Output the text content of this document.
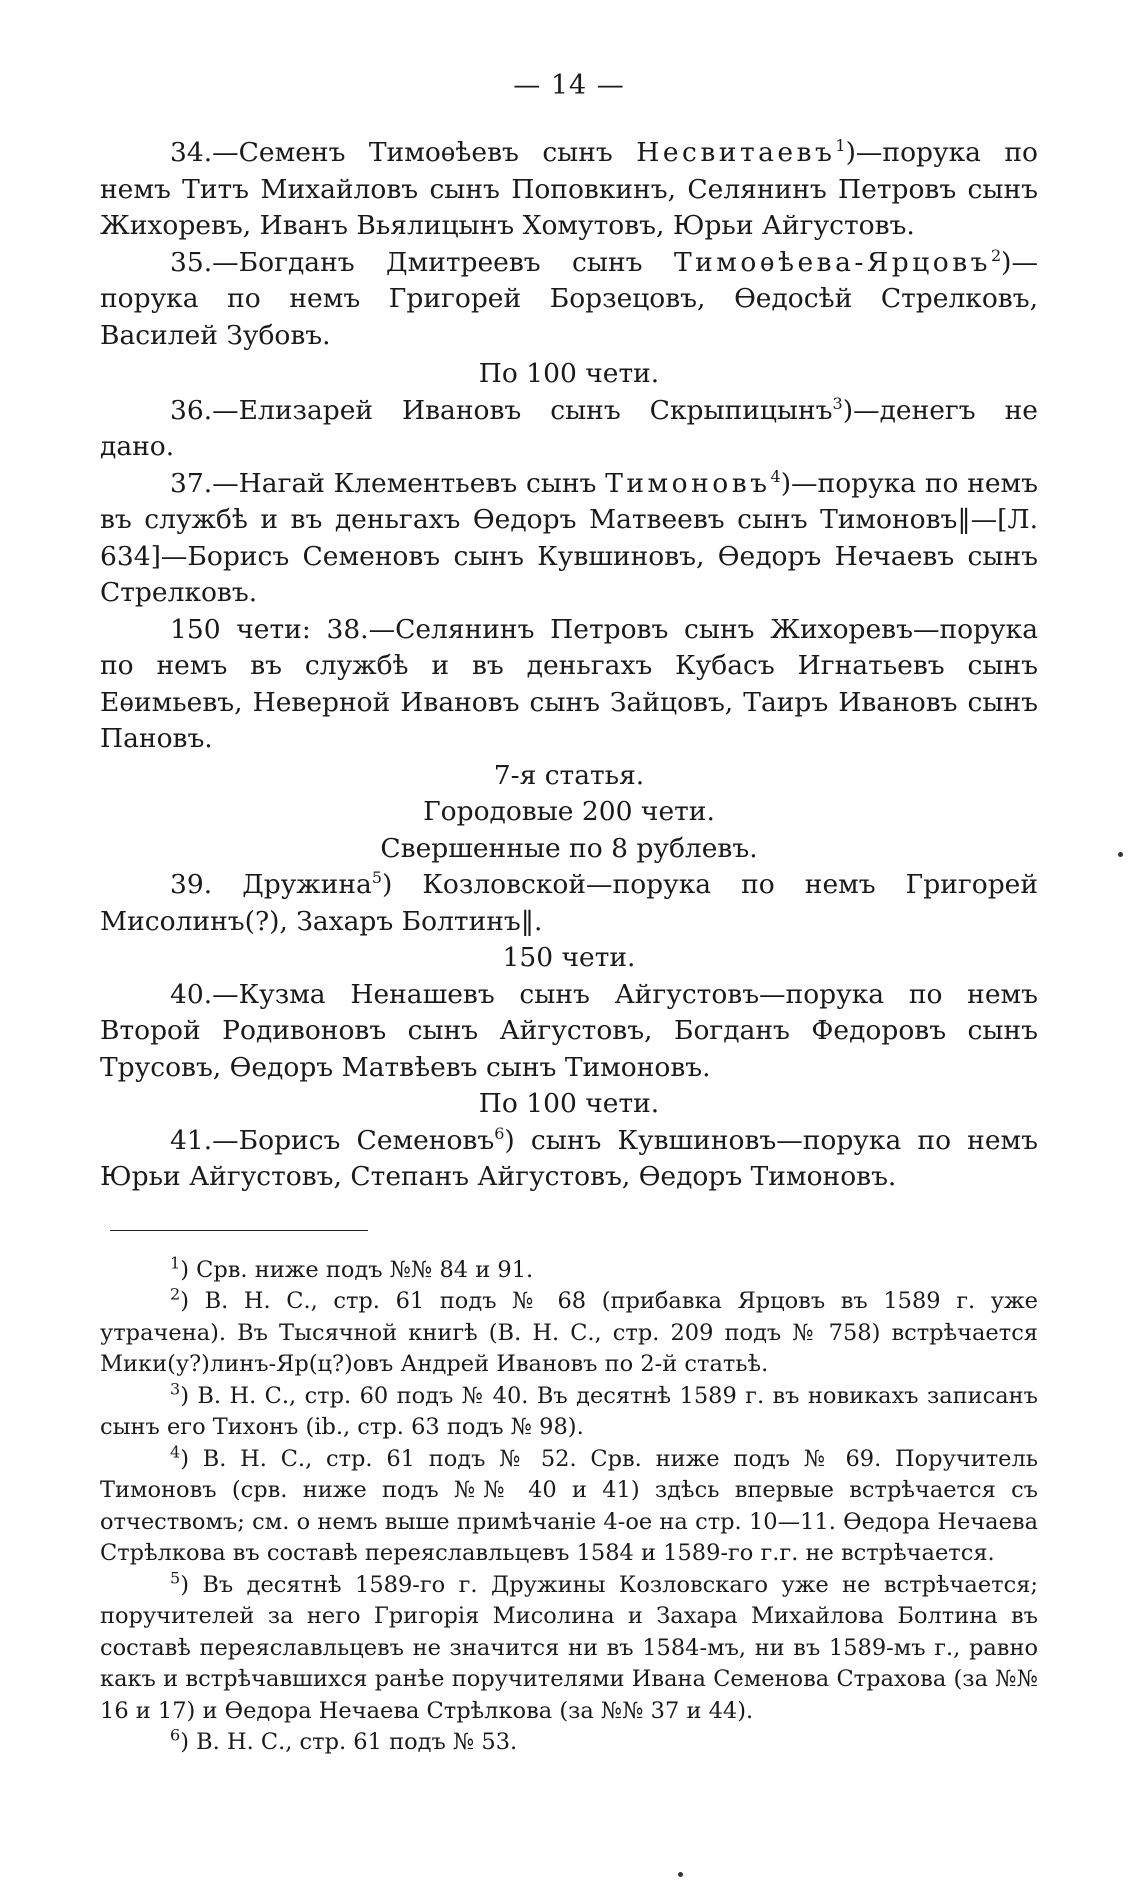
— 14 —

34.—Семенъ Тимоѳѣевъ сынъ Несвитаевъ$^1$)—порука по немъ Титъ Михайловъ сынъ Поповкинъ, Селянинъ Петровъ сынъ Жихоревъ, Иванъ Вьялицынъ Хомутовъ, Юрьи Айгустовъ.

35.—Богданъ Дмитреевъ сынъ Тимоѳѣева-Ярцовъ$^2$)—порука по немъ Григорей Борзецовъ, Ѳедосѣй Стрелковъ, Василей Зубовъ.

По 100 чети.

36.—Елизарей Ивановъ сынъ Скрыпицынъ$^3$)—денегъ не дано.

37.—Нагай Клементьевъ сынъ Тимоновъ$^4$)—порука по немъ въ службѣ и въ деньгахъ Ѳедоръ Матвеевъ сынъ Тимоновъ‖—[Л. 634]—Борисъ Семеновъ сынъ Кувшиновъ, Ѳедоръ Нечаевъ сынъ Стрелковъ.

150 чети: 38.—Селянинъ Петровъ сынъ Жихоревъ—порука по немъ въ службѣ и въ деньгахъ Кубасъ Игнатьевъ сынъ Еѳимьевъ, Неверной Ивановъ сынъ Зайцовъ, Таиръ Ивановъ сынъ Пановъ.

7-я статья.

Городовые 200 чети.

Свершенные по 8 рублевъ.

39. Дружина$^5$) Козловской—порука по немъ Григорей Мисолинъ(?), Захаръ Болтинъ‖.

150 чети.

40.—Кузма Ненашевъ сынъ Айгустовъ—порука по немъ Второй Родивоновъ сынъ Айгустовъ, Богданъ Федоровъ сынъ Трусовъ, Ѳедоръ Матвѣевъ сынъ Тимоновъ.

По 100 чети.

41.—Борисъ Семеновъ$^6$) сынъ Кувшиновъ—порука по немъ Юрьи Айгустовъ, Степанъ Айгустовъ, Ѳедоръ Тимоновъ.

$^1$) Срв. ниже подъ №№ 84 и 91.

$^2$) В. Н. С., стр. 61 подъ № 68 (прибавка Ярцовъ въ 1589 г. уже утрачена). Въ Тысячной книгѣ (В. Н. С., стр. 209 подъ № 758) встрѣчается Мики(у?)линъ-Яр(ц?)овъ Андрей Ивановъ по 2-й статьѣ.

$^3$) В. Н. С., стр. 60 подъ № 40. Въ десятнѣ 1589 г. въ новикахъ записанъ сынъ его Тихонъ (ib., стр. 63 подъ № 98).

$^4$) В. Н. С., стр. 61 подъ № 52. Срв. ниже подъ № 69. Поручитель Тимоновъ (срв. ниже подъ №№ 40 и 41) здѣсь впервые встрѣчается съ отчествомъ; см. о немъ выше примѣчаніе 4-ое на стр. 10—11. Ѳедора Нечаева Стрѣлкова въ составѣ переяславльцевъ 1584 и 1589-го г.г. не встрѣчается.

$^5$) Въ десятнѣ 1589-го г. Дружины Козловскаго уже не встрѣчается; поручителей за него Григорія Мисолина и Захара Михайлова Болтина въ составѣ переяславльцевъ не значится ни въ 1584-мъ, ни въ 1589-мъ г., равно какъ и встрѣчавшихся ранѣе поручителями Ивана Семенова Страхова (за №№ 16 и 17) и Ѳедора Нечаева Стрѣлкова (за №№ 37 и 44).

$^6$) В. Н. С., стр. 61 подъ № 53.
